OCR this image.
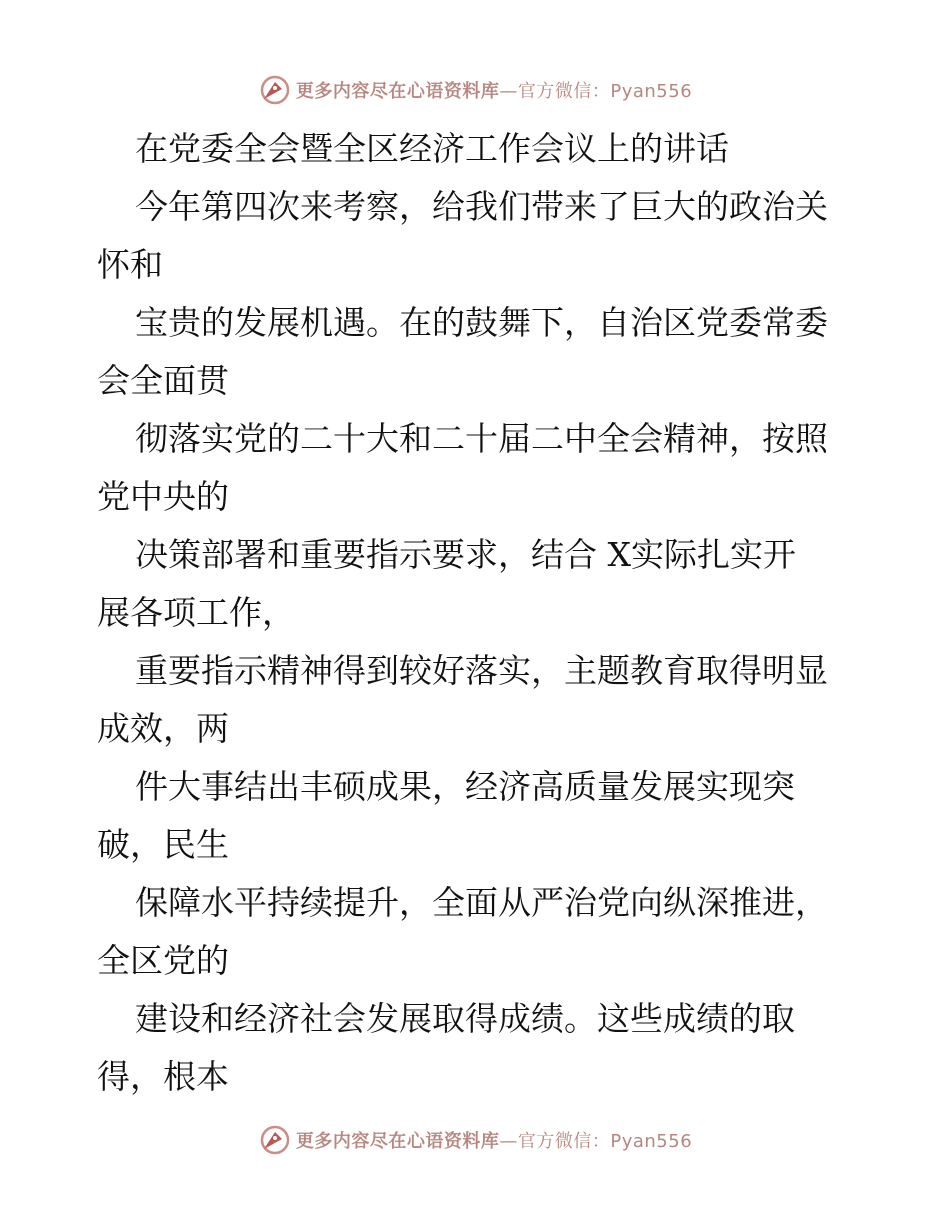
更多内容尽在心语资料库 —官方微信：Pyan556
在党委全会暨全区经济工作会议上的讲话
今年第四次来考察，给我们带来了巨大的政治关
怀和
宝贵的发展机遇。在的鼓舞下，自治区党委常委
会全面贯
彻落实党的二十大和二十届二中全会精神，按照
党中央的
决策部署和重要指示要求，结合 X实际扎实开
展各项工作，
重要指示精神得到较好落实，主题教育取得明显
成效，两
件大事结出丰硕成果，经济高质量发展实现突
破，民生
保障水平持续提升，全面从严治党向纵深推进，
全区党的
建设和经济社会发展取得成绩。这些成绩的取
得，根本
更多内容尽在心语资料库 —官方微信：Pyan556
